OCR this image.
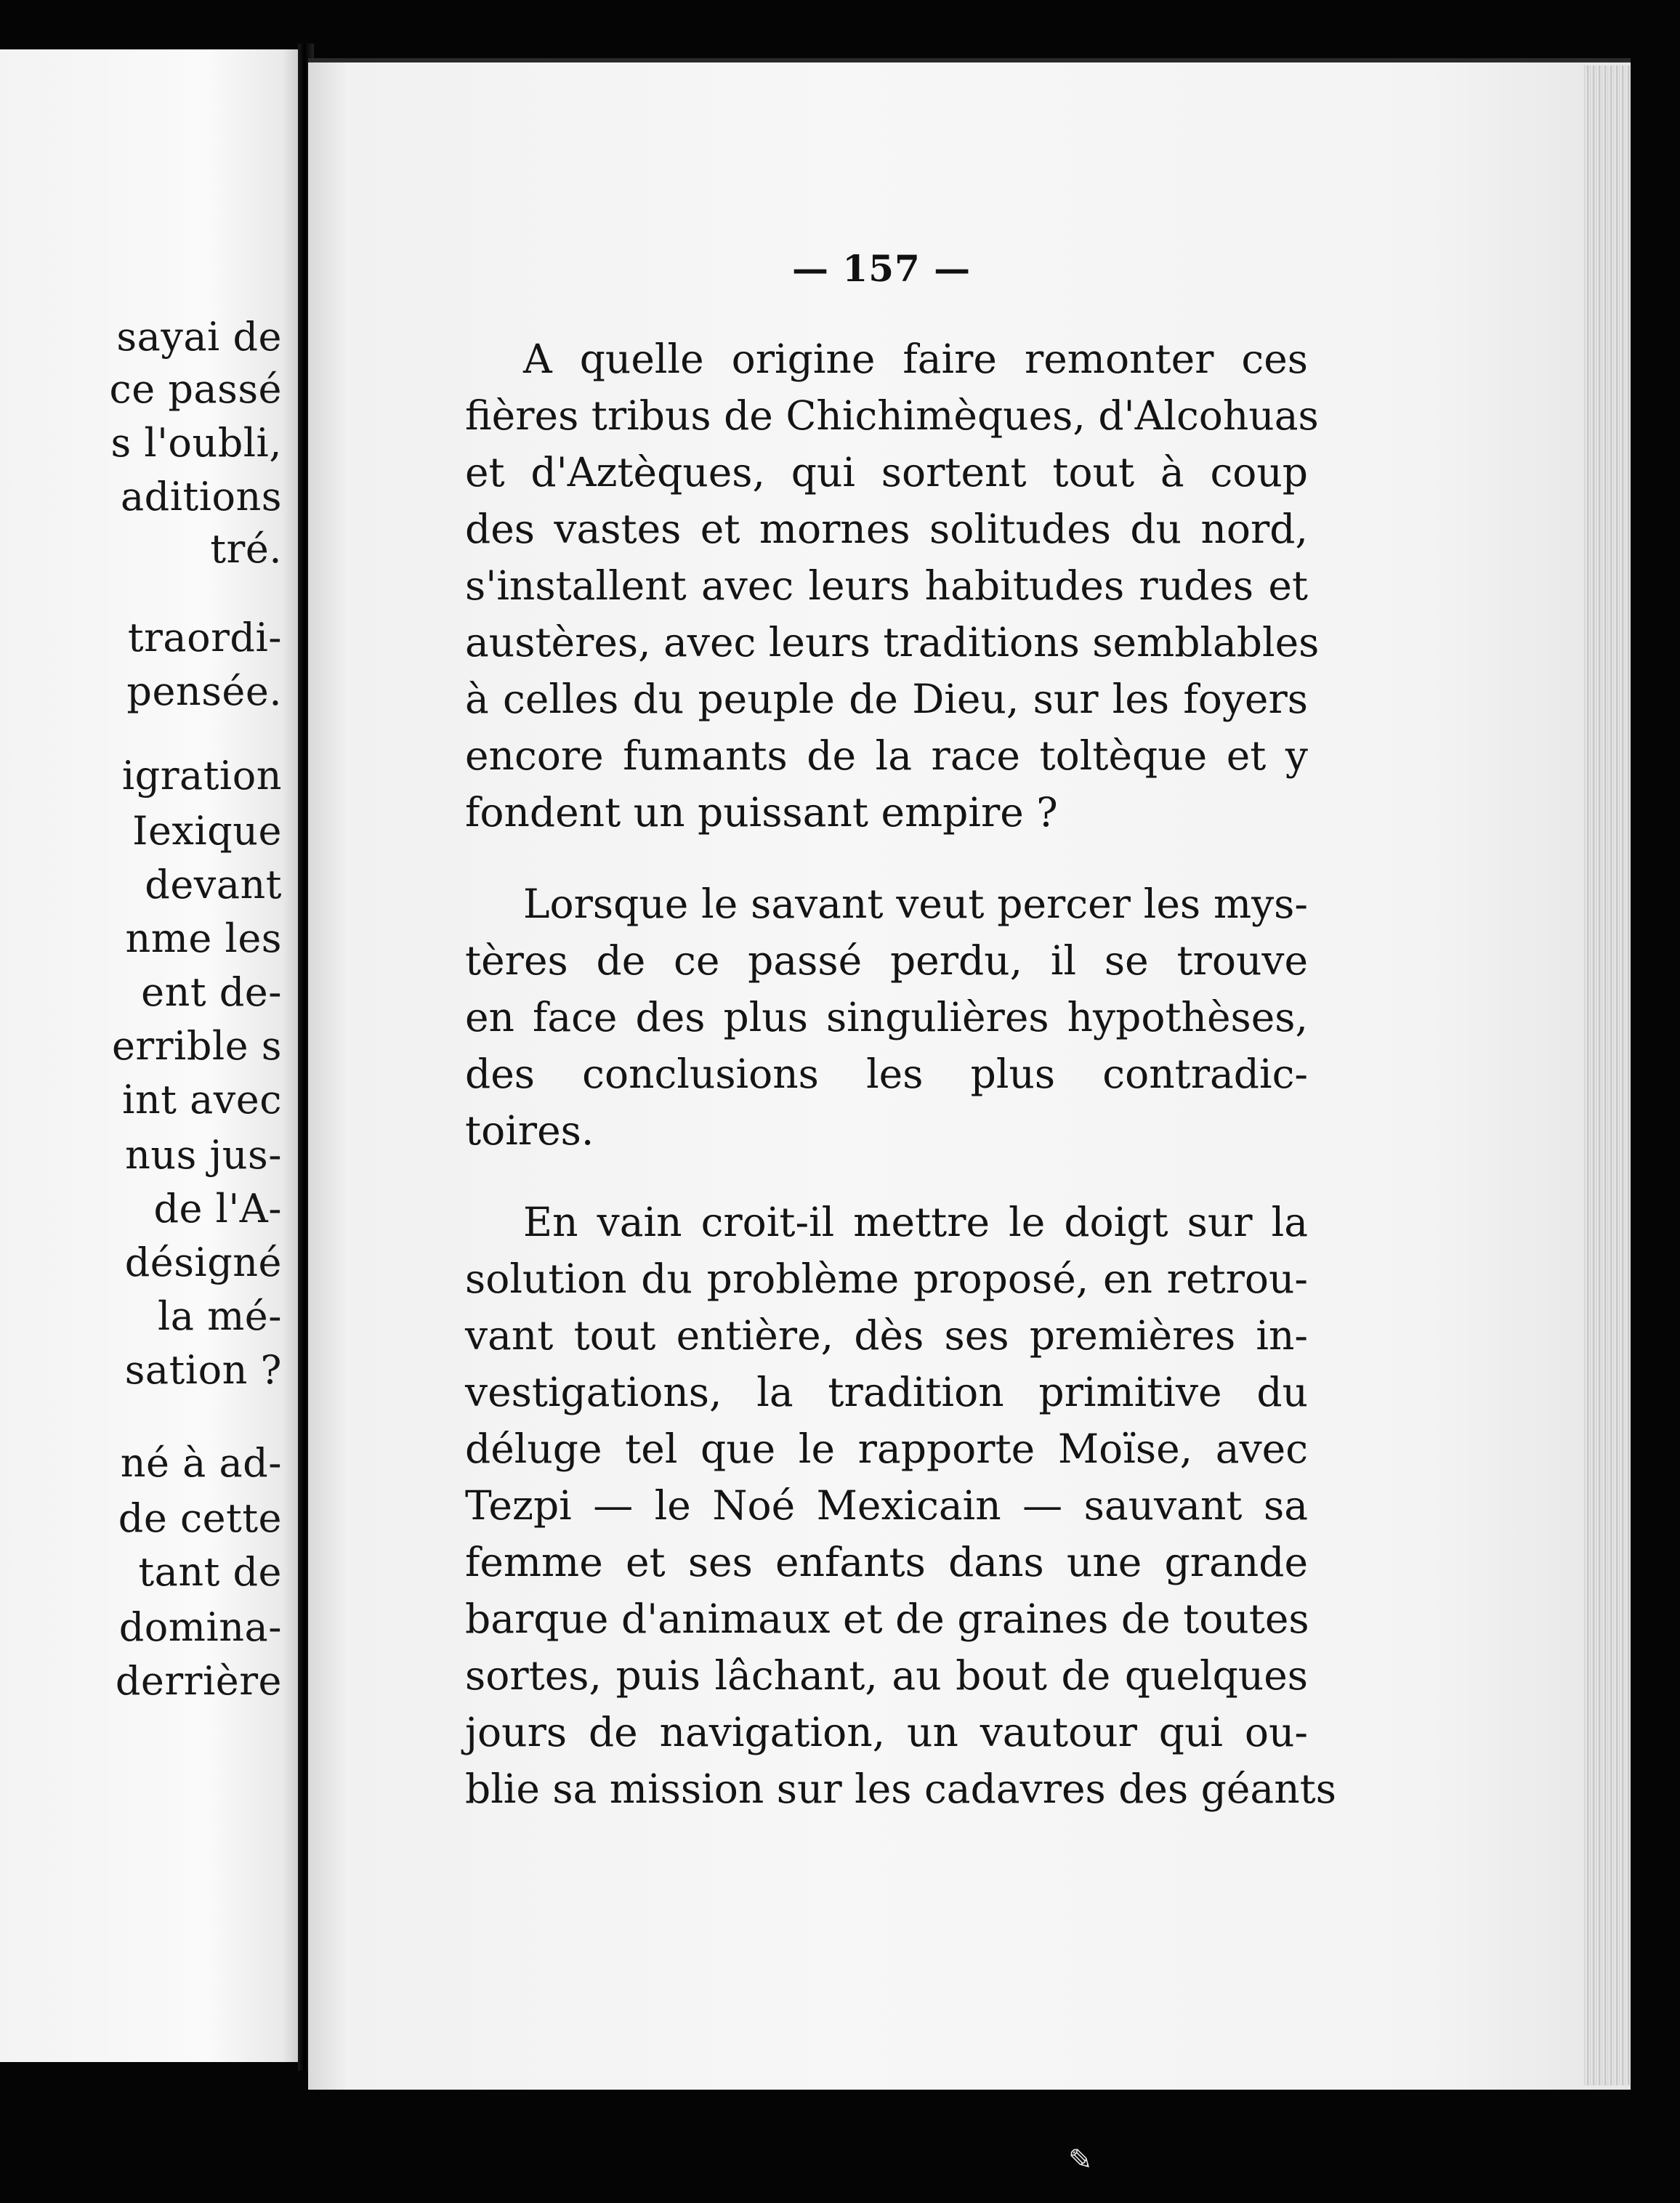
sayai de
ce passé
s l'oubli,
aditions
tré.
traordi-
pensée.
igration
Iexique
devant
nme les
ent de-
errible s
int avec
nus jus-
de l'A-
désigné
la mé-
sation ?
né à ad-
de cette
tant de
domina-
derrière
— 157 —
A quelle origine faire remonter ces
fières tribus de Chichimèques, d'Alcohuas
et d'Aztèques, qui sortent tout à coup
des vastes et mornes solitudes du nord,
s'installent avec leurs habitudes rudes et
austères, avec leurs traditions semblables
à celles du peuple de Dieu, sur les foyers
encore fumants de la race toltèque et y
fondent un puissant empire ?
Lorsque le savant veut percer les mys-
tères de ce passé perdu, il se trouve
en face des plus singulières hypothèses,
des conclusions les plus contradic-
toires.
En vain croit-il mettre le doigt sur la
solution du problème proposé, en retrou-
vant tout entière, dès ses premières in-
vestigations, la tradition primitive du
déluge tel que le rapporte Moïse, avec
Tezpi — le Noé Mexicain — sauvant sa
femme et ses enfants dans une grande
barque d'animaux et de graines de toutes
sortes, puis lâchant, au bout de quelques
jours de navigation, un vautour qui ou-
blie sa mission sur les cadavres des géants
✎
